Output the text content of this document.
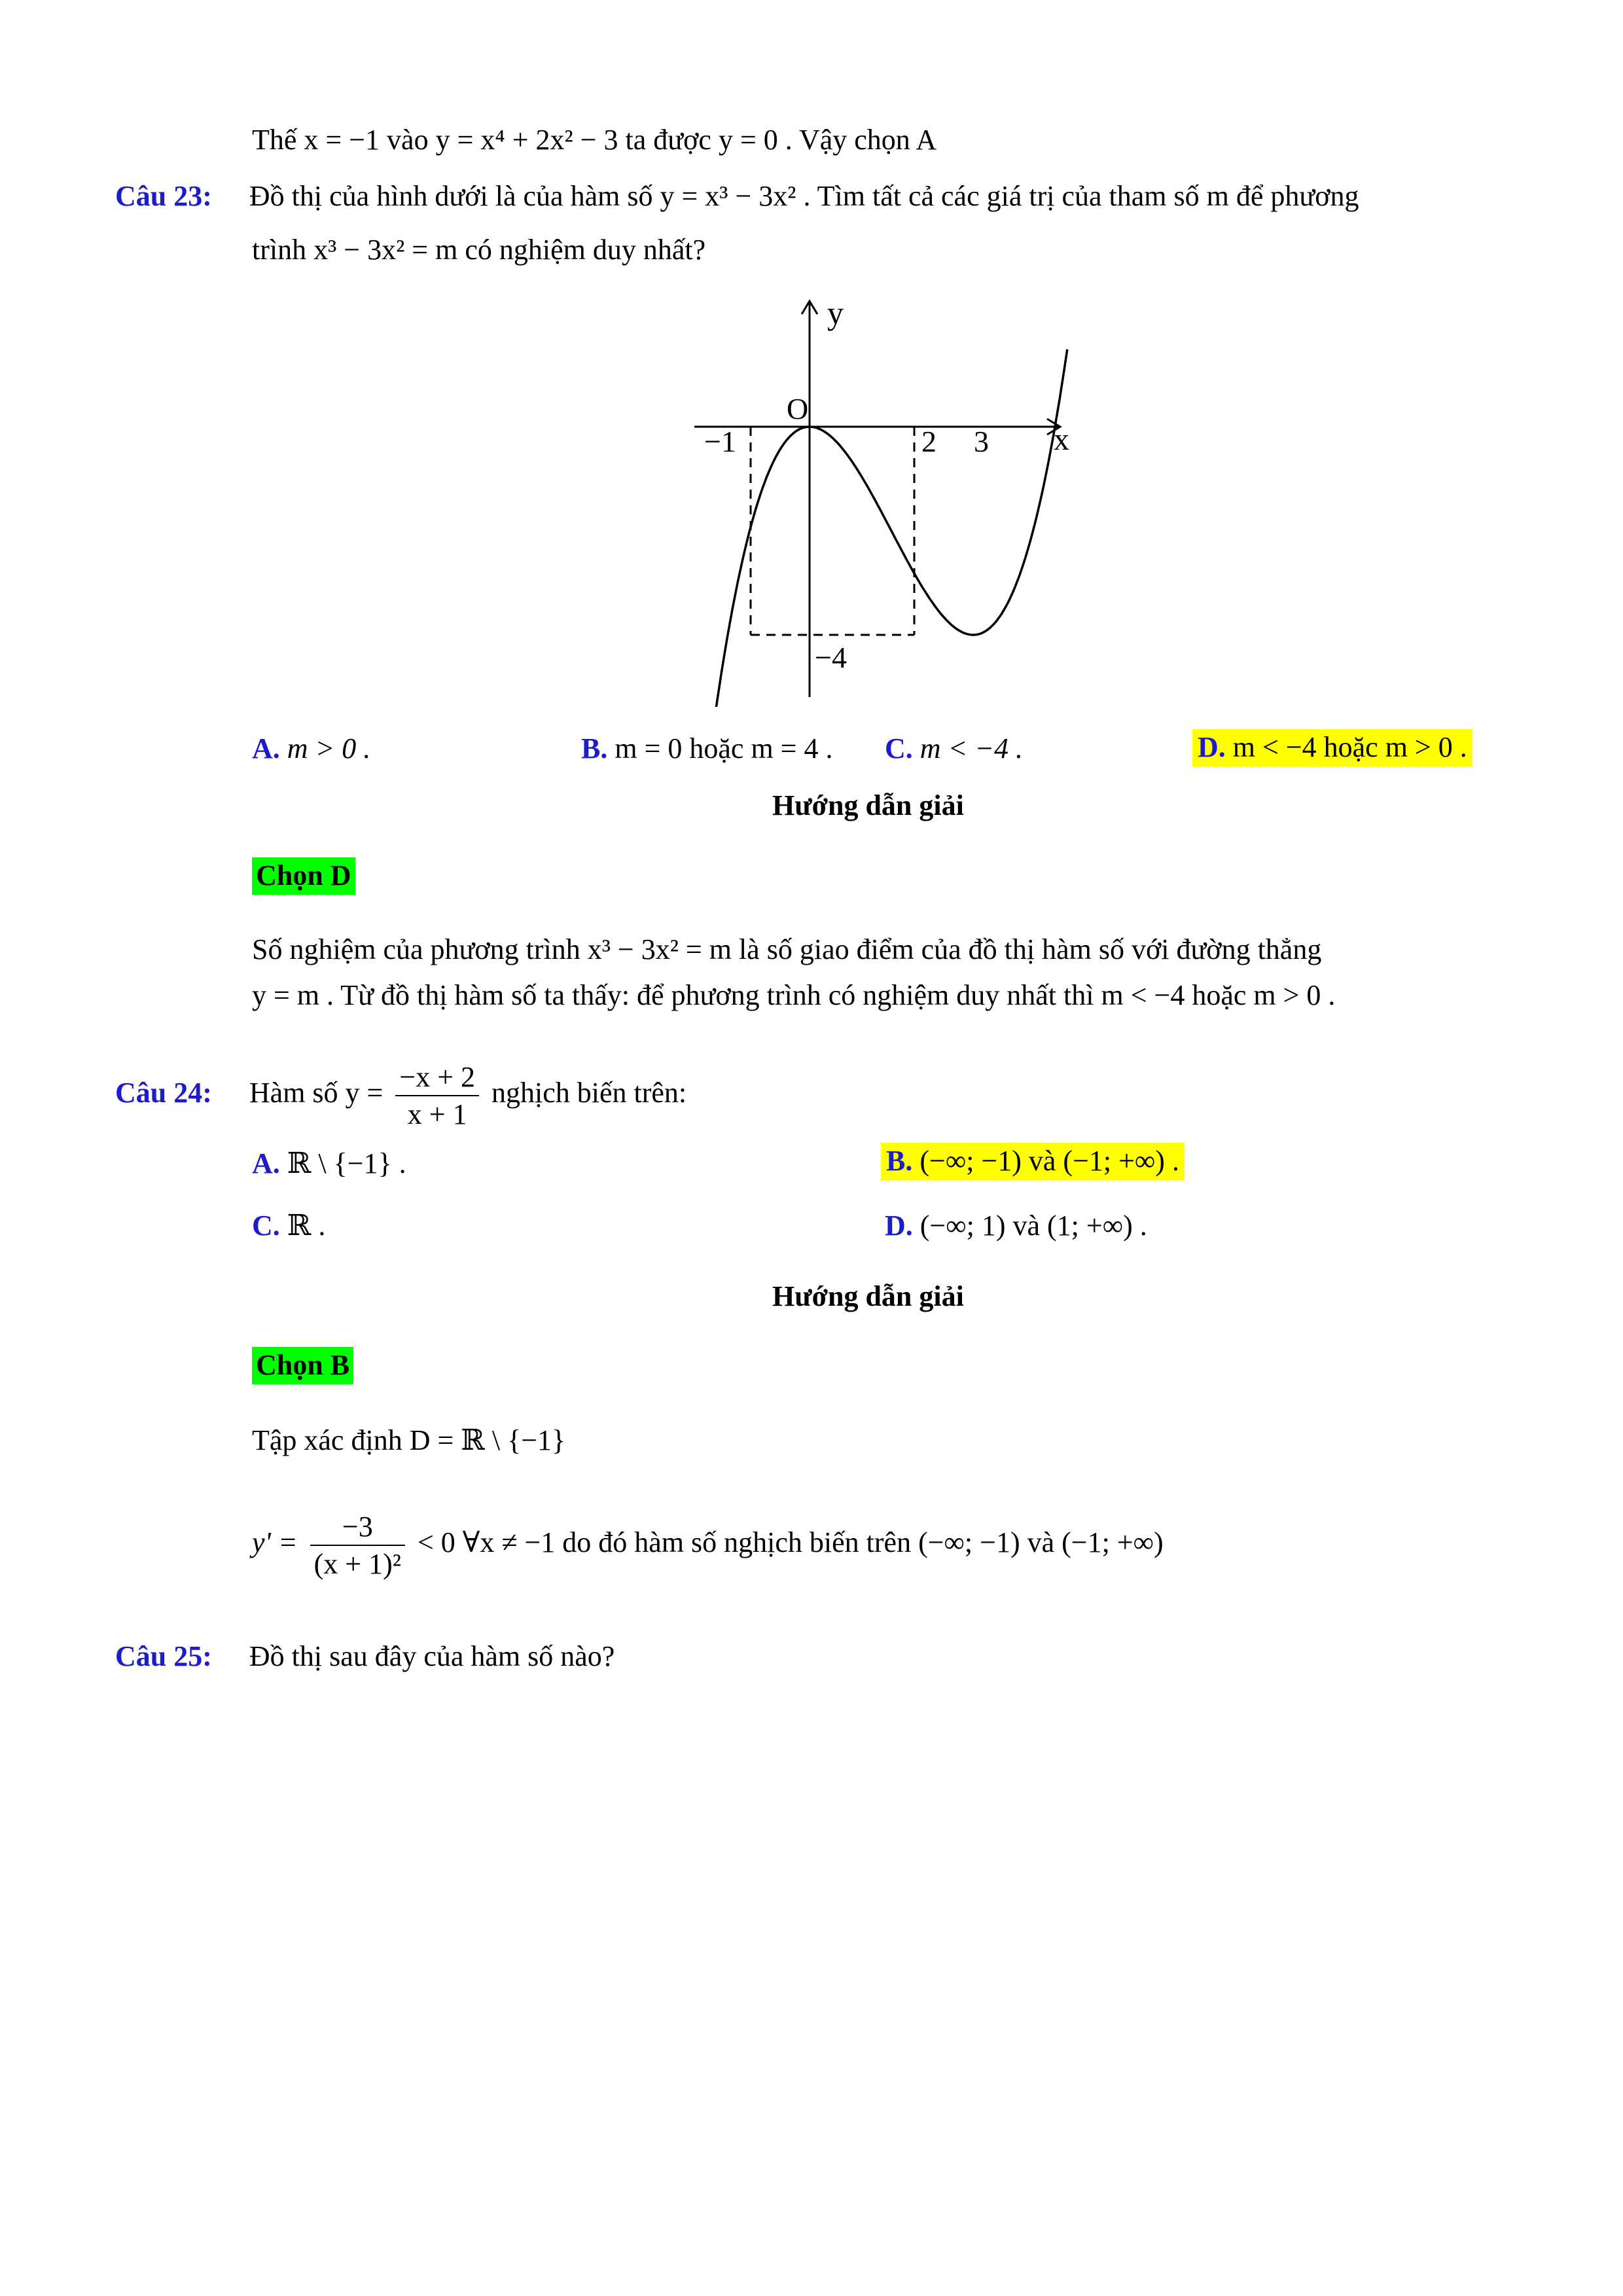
Thế x = −1 vào y = x⁴ + 2x² − 3 ta được y = 0 . Vậy chọn A
Câu 23: Đồ thị của hình dưới là của hàm số y = x³ − 3x² . Tìm tất cả các giá trị của tham số m để phương
trình x³ − 3x² = m có nghiệm duy nhất?
y
x
O
−1	2 3
−4
A. m > 0 .	B. m = 0 hoặc m = 4 . C. m < −4 .	D. m < −4 hoặc m > 0 .
Hướng dẫn giải
Chọn D
Số nghiệm của phương trình x³ − 3x² = m là số giao điểm của đồ thị hàm số với đường thẳng
y = m . Từ đồ thị hàm số ta thấy: để phương trình có nghiệm duy nhất thì m < −4 hoặc m > 0 .
Câu 24: Hàm số $y = \frac{-x + 2}{x + 1}$ nghịch biến trên:
A. ℝ \ {−1} .	B. (−∞; −1) và (−1; +∞) .
C. ℝ .	D. (−∞; 1) và (1; +∞) .
Hướng dẫn giải
Chọn B
Tập xác định D = ℝ \ {−1}
$y' = \frac{-3}{\text{(x + 1)²}} < 0$ ∀x ≠ −1 do đó hàm số nghịch biến trên (−∞; −1) và (−1; +∞)
Câu 25: Đồ thị sau đây của hàm số nào?
